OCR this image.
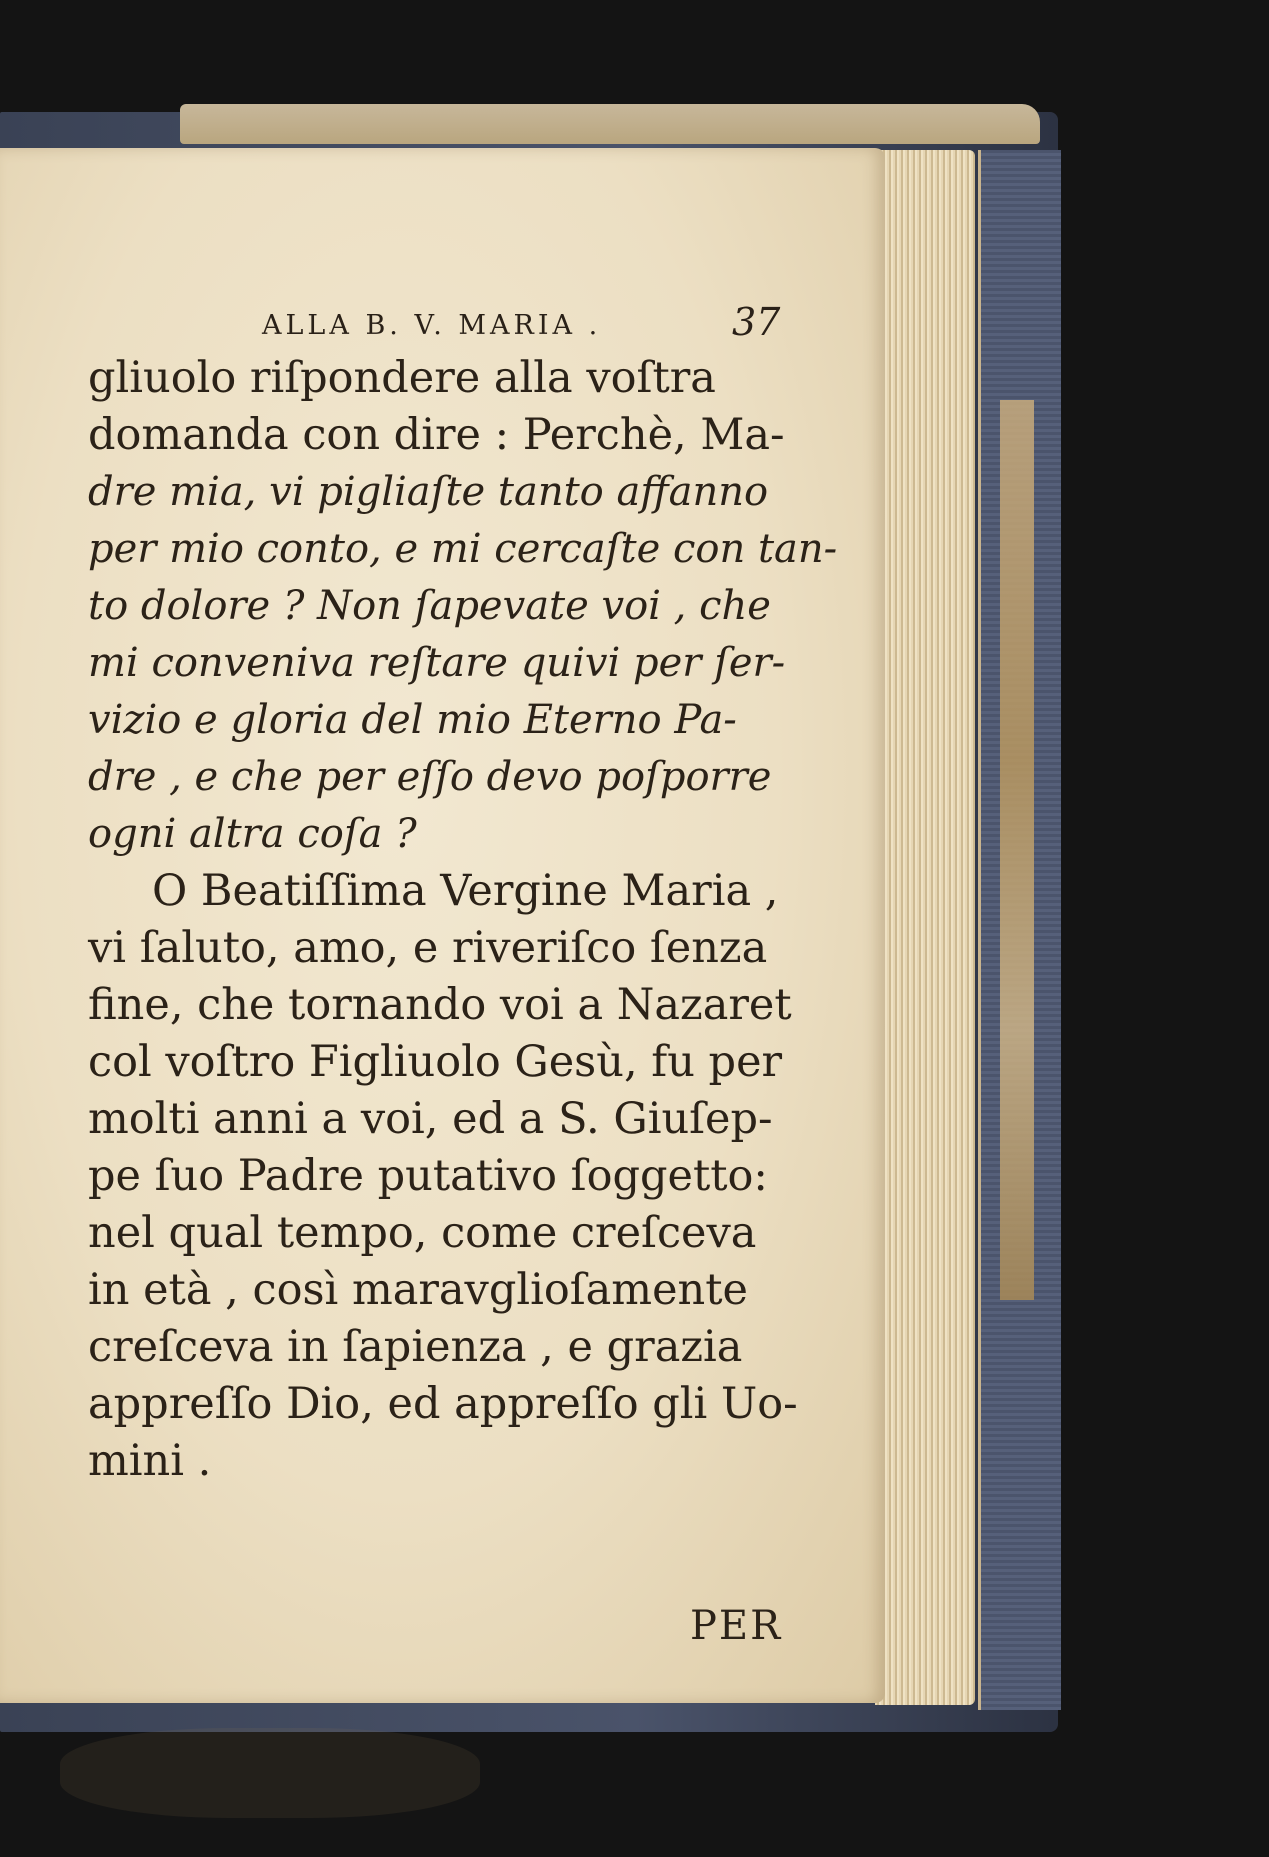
ALLA B. V. MARIA .	37
gliuolo riſpondere alla voſtra
domanda con dire : Perchè, Ma-
dre mia, vi pigliaſte tanto affanno
per mio conto, e mi cercaſte con tan-
to dolore ? Non ſapevate voi , che
mi conveniva reſtare quivi per ſer-
vizio e gloria del mio Eterno Pa-
dre , e che per eſſo devo poſporre
ogni altra coſa ?
O Beatiſſima Vergine Maria ,
vi ſaluto, amo, e riveriſco ſenza
fine, che tornando voi a Nazaret
col voſtro Figliuolo Gesù, fu per
molti anni a voi, ed a S. Giuſep-
pe ſuo Padre putativo ſoggetto:
nel qual tempo, come creſceva
in età , così maravglioſamente
creſceva in ſapienza , e grazia
appreſſo Dio, ed appreſſo gli Uo-
mini .
PER
